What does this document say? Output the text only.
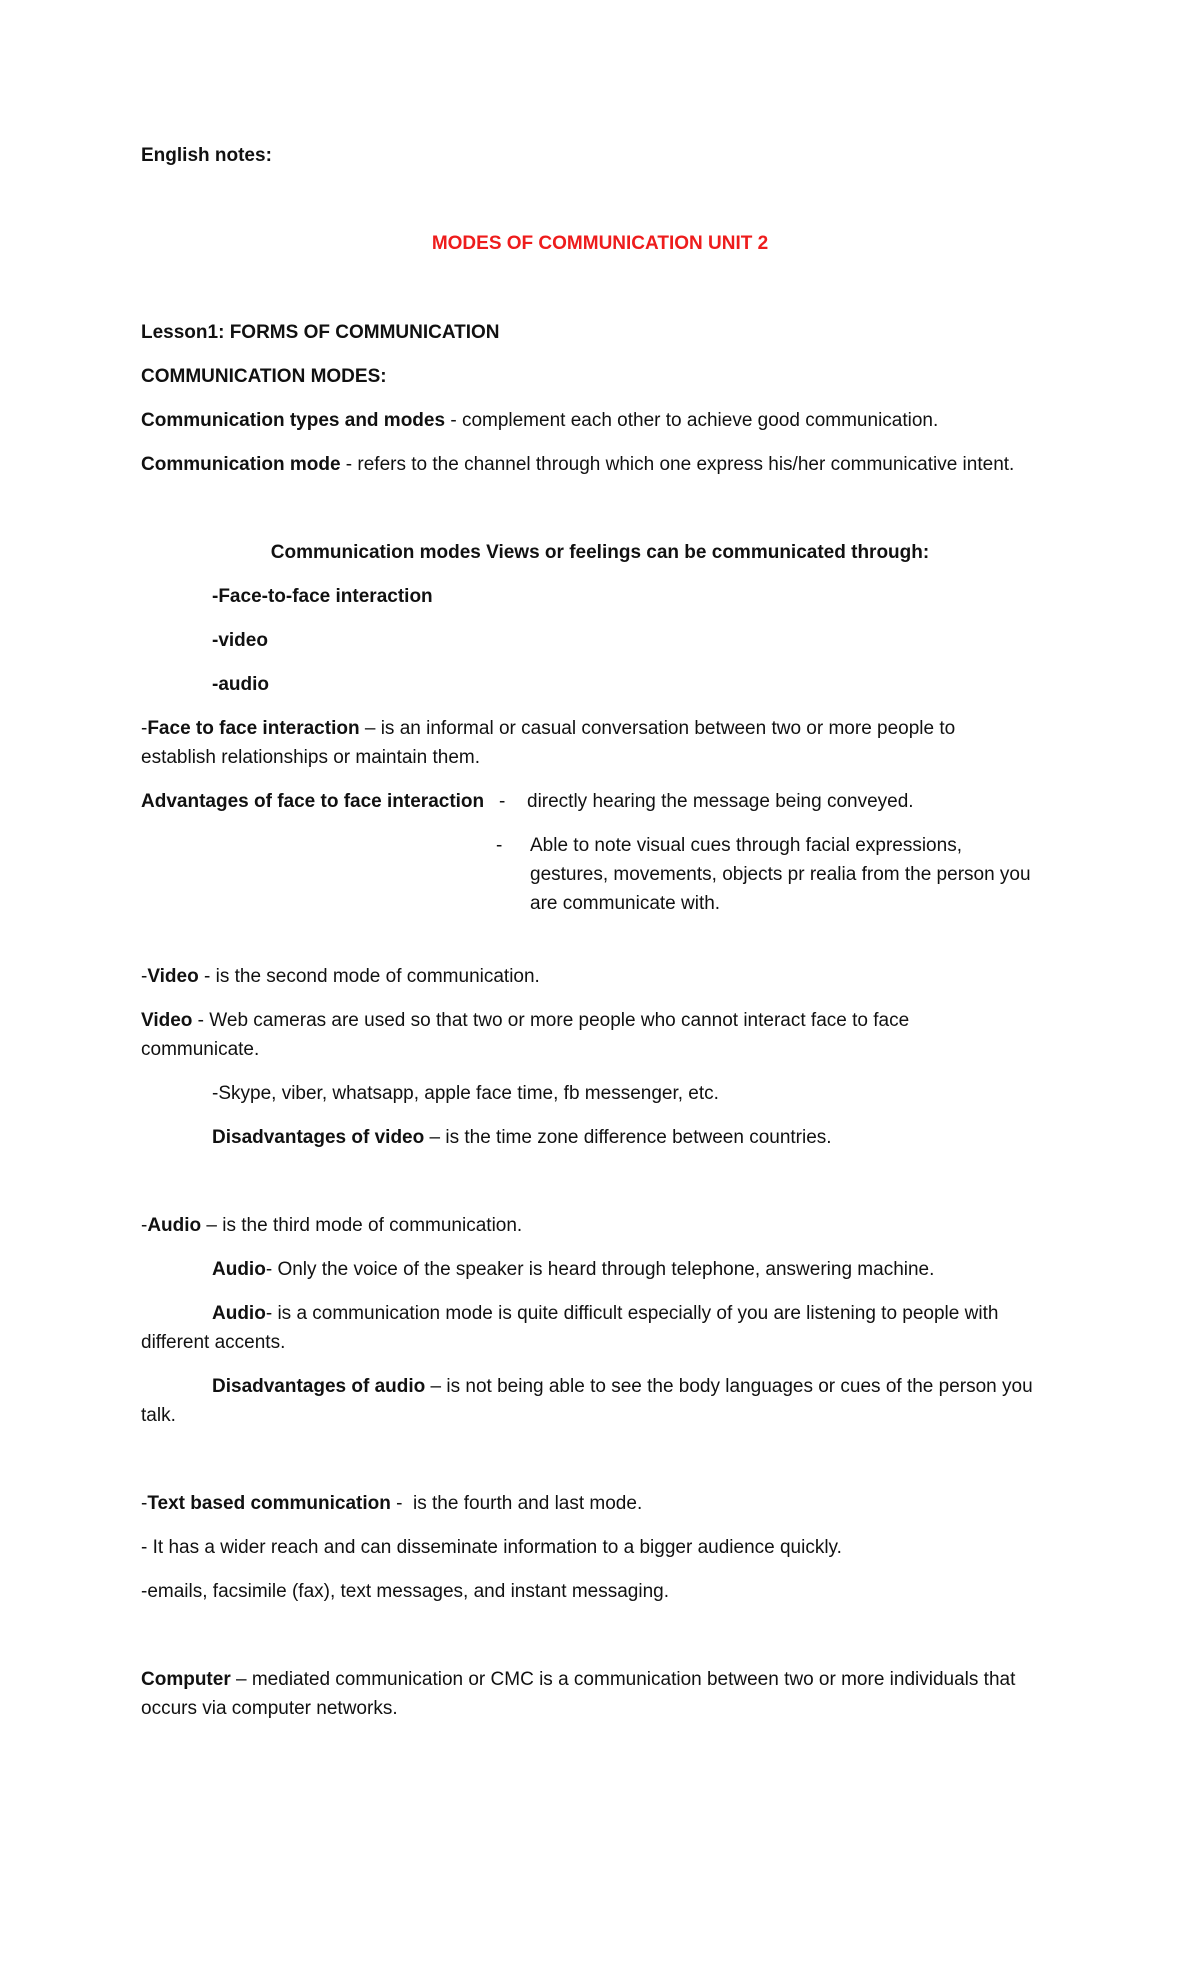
English notes:
MODES OF COMMUNICATION UNIT 2
Lesson1: FORMS OF COMMUNICATION
COMMUNICATION MODES:
Communication types and modes - complement each other to achieve good communication.
Communication mode - refers to the channel through which one express his/her communicative intent.
Communication modes Views or feelings can be communicated through:
-Face-to-face interaction
-video
-audio
-Face to face interaction – is an informal or casual conversation between two or more people to
establish relationships or maintain them.
Advantages of face to face interaction - directly hearing the message being conveyed.
- Able to note visual cues through facial expressions,
gestures, movements, objects pr realia from the person you
are communicate with.
-Video - is the second mode of communication.
Video - Web cameras are used so that two or more people who cannot interact face to face
communicate.
-Skype, viber, whatsapp, apple face time, fb messenger, etc.
Disadvantages of video – is the time zone difference between countries.
-Audio – is the third mode of communication.
Audio- Only the voice of the speaker is heard through telephone, answering machine.
Audio- is a communication mode is quite difficult especially of you are listening to people with
different accents.
Disadvantages of audio – is not being able to see the body languages or cues of the person you
talk.
-Text based communication -  is the fourth and last mode.
- It has a wider reach and can disseminate information to a bigger audience quickly.
-emails, facsimile (fax), text messages, and instant messaging.
Computer – mediated communication or CMC is a communication between two or more individuals that
occurs via computer networks.
